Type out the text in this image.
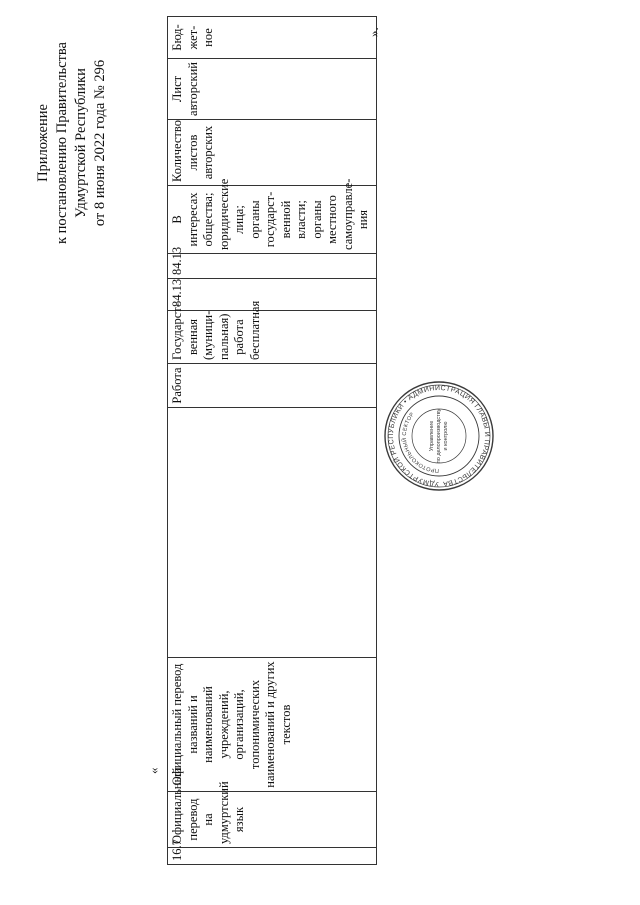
Приложение к постановлению Правительства Удмуртской Республики от 8 июня 2022 года № 296
«
16.7	Официальный перевод на удмуртский язык	Официальный перевод названий и наименований учреждений, организаций, топонимических наименований и других текстов		Работа	Государст-венная (муници-пальная) работа бесплатная	84.13	84.13	В интересах общества; юридические лица; органы государст-венной власти; органы местного самоуправле-ния	Количество листов авторских	Лист авторский	Бюд-жет-ное	».
УДМУРТСКОЙ РЕСПУБЛИКИ • АДМИНИСТРАЦИЯ ГЛАВЫ И ПРАВИТЕЛЬСТВА
ПРОТОКОЛЬНЫЙ СЕКТОР
Управление по делопроизводству и контролю
